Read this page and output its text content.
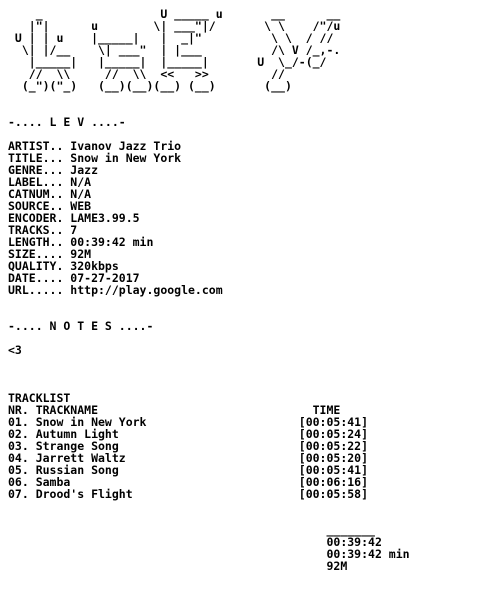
_                 U _____ u       __      __
|"|      u        \| ___"|/       \ \    /"/u
U | | u    |_____|   |  _|"          \ \  / //
\| |/__    \| ___"  | |___          /\ V /_,-.
|_____|   |_____|  |_____|       U  \_/-(_/
//  \\     //  \\  <<   >>         //
(_")("_)   (__)(__)(__) (__)       (__)

-.... L E V ....-

ARTIST.. Ivanov Jazz Trio
TITLE... Snow in New York
GENRE... Jazz
LABEL... N/A
CATNUM.. N/A
SOURCE.. WEB
ENCODER. LAME3.99.5
TRACKS.. 7
LENGTH.. 00:39:42 min
SIZE.... 92M
QUALITY. 320kbps
DATE.... 07-27-2017
URL..... http://play.google.com

-.... N O T E S ....-

<3

TRACKLIST
NR. TRACKNAME                               TIME
01. Snow in New York                      [00:05:41]
02. Autumn Light                          [00:05:24]
03. Strange Song                          [00:05:22]
04. Jarrett Waltz                         [00:05:20]
05. Russian Song                          [00:05:41]
06. Samba                                 [00:06:16]
07. Drood's Flight                        [00:05:58]

_______
00:39:42
00:39:42 min
92M
